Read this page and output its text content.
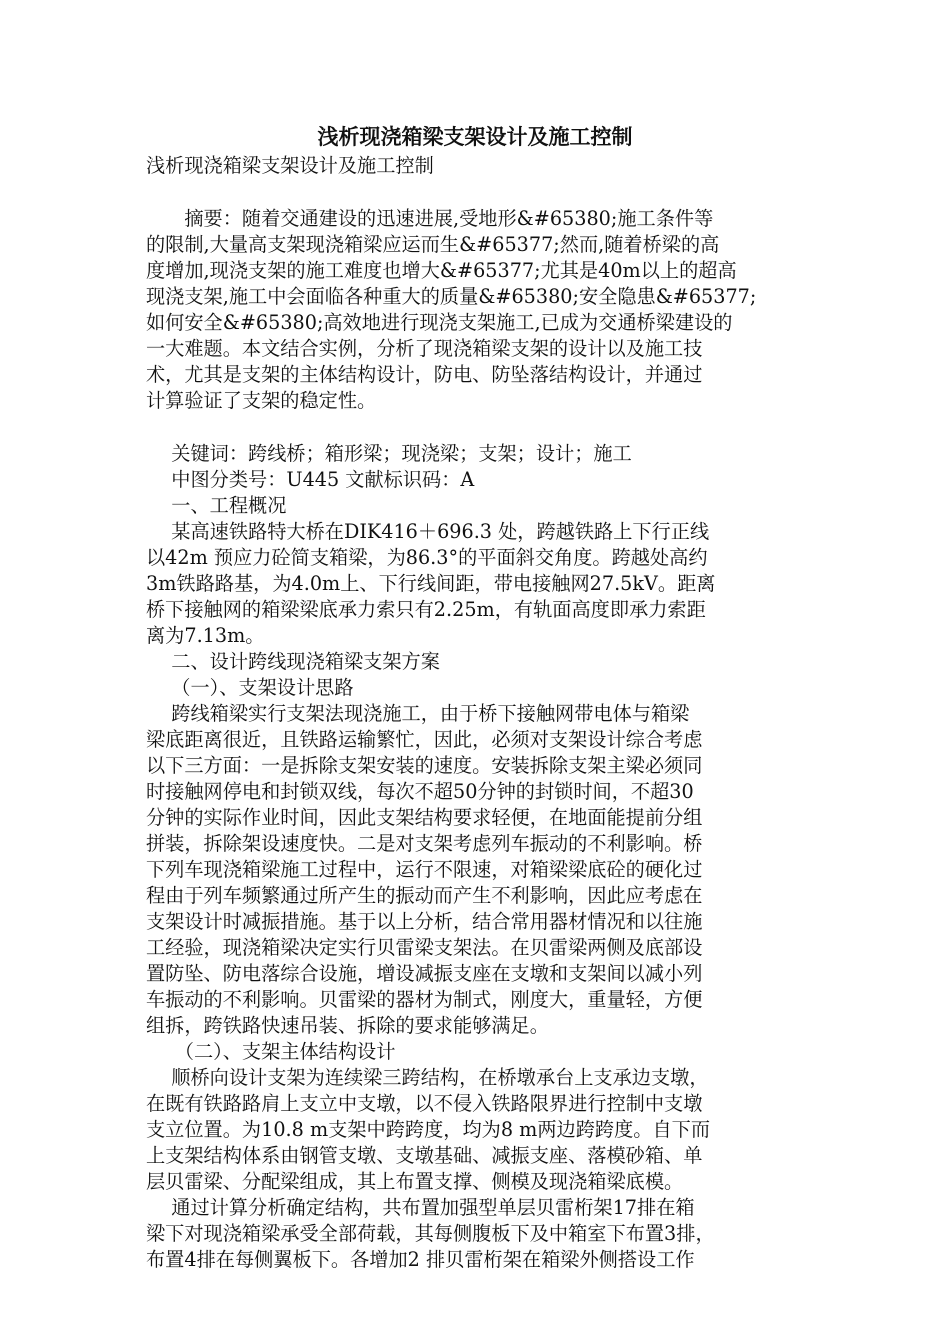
浅析现浇箱梁支架设计及施工控制
浅析现浇箱梁支架设计及施工控制
　　摘要：随着交通建设的迅速进展,受地形&#65380;施工条件等
的限制,大量高支架现浇箱梁应运而生&#65377;然而,随着桥梁的高
度增加,现浇支架的施工难度也增大&#65377;尤其是40m以上的超高
现浇支架,施工中会面临各种重大的质量&#65380;安全隐患&#65377;
如何安全&#65380;高效地进行现浇支架施工,已成为交通桥梁建设的
一大难题。本文结合实例，分析了现浇箱梁支架的设计以及施工技
术，尤其是支架的主体结构设计，防电、防坠落结构设计，并通过
计算验证了支架的稳定性。
　 关键词：跨线桥；箱形梁；现浇梁；支架；设计；施工
　 中图分类号：U445 文献标识码：A
　 一、工程概况
　 某高速铁路特大桥在DIK416＋696.3 处，跨越铁路上下行正线
以42m 预应力砼简支箱梁，为86.3°的平面斜交角度。跨越处高约
3m铁路路基，为4.0m上、下行线间距，带电接触网27.5kV。距离
桥下接触网的箱梁梁底承力索只有2.25m，有轨面高度即承力索距
离为7.13m。
　 二、设计跨线现浇箱梁支架方案
　 （一）、支架设计思路
　 跨线箱梁实行支架法现浇施工，由于桥下接触网带电体与箱梁
梁底距离很近，且铁路运输繁忙，因此，必须对支架设计综合考虑
以下三方面：一是拆除支架安装的速度。安装拆除支架主梁必须同
时接触网停电和封锁双线，每次不超50分钟的封锁时间，不超30
分钟的实际作业时间，因此支架结构要求轻便，在地面能提前分组
拼装，拆除架设速度快。二是对支架考虑列车振动的不利影响。桥
下列车现浇箱梁施工过程中，运行不限速，对箱梁梁底砼的硬化过
程由于列车频繁通过所产生的振动而产生不利影响，因此应考虑在
支架设计时减振措施。基于以上分析，结合常用器材情况和以往施
工经验，现浇箱梁决定实行贝雷梁支架法。在贝雷梁两侧及底部设
置防坠、防电落综合设施，增设减振支座在支墩和支架间以减小列
车振动的不利影响。贝雷梁的器材为制式，刚度大，重量轻，方便
组拆，跨铁路快速吊装、拆除的要求能够满足。
　　（二）、支架主体结构设计
　 顺桥向设计支架为连续梁三跨结构，在桥墩承台上支承边支墩，
在既有铁路路肩上支立中支墩，以不侵入铁路限界进行控制中支墩
支立位置。为10.8 m支架中跨跨度，均为8 m两边跨跨度。自下而
上支架结构体系由钢管支墩、支墩基础、减振支座、落模砂箱、单
层贝雷梁、分配梁组成，其上布置支撑、侧模及现浇箱梁底模。
　 通过计算分析确定结构，共布置加强型单层贝雷桁架17排在箱
梁下对现浇箱梁承受全部荷载，其每侧腹板下及中箱室下布置3排，
布置4排在每侧翼板下。各增加2 排贝雷桁架在箱梁外侧搭设工作
